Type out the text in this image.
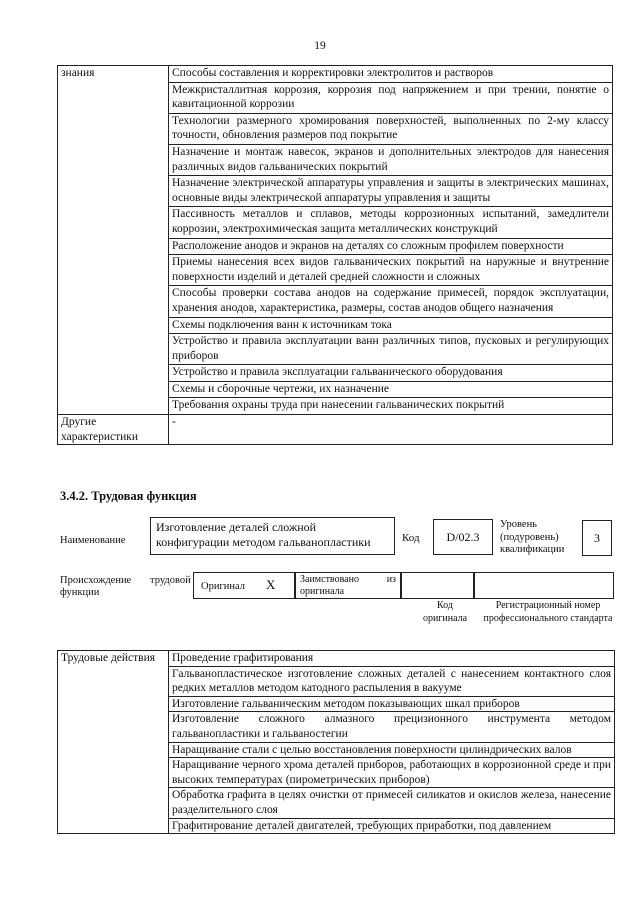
19
знания	Способы составления и корректировки электролитов и растворов
	Межкристаллитная коррозия, коррозия под напряжением и при трении, понятие о кавитационной коррозии
	Технологии размерного хромирования поверхностей, выполненных по 2-му классу точности, обновления размеров под покрытие
	Назначение и монтаж навесок, экранов и дополнительных электродов для нанесения различных видов гальванических покрытий
	Назначение электрической аппаратуры управления и защиты в электрических машинах, основные виды электрической аппаратуры управления и защиты
	Пассивность металлов и сплавов, методы коррозионных испытаний, замедлители коррозии, электрохимическая защита металлических конструкций
	Расположение анодов и экранов на деталях со сложным профилем поверхности
	Приемы нанесения всех видов гальванических покрытий на наружные и внутренние поверхности изделий и деталей средней сложности и сложных
	Способы проверки состава анодов на содержание примесей, порядок эксплуатации, хранения анодов, характеристика, размеры, состав анодов общего назначения
	Схемы подключения ванн к источникам тока
	Устройство и правила эксплуатации ванн различных типов, пусковых и регулирующих приборов
	Устройство и правила эксплуатации гальванического оборудования
	Схемы и сборочные чертежи, их назначение
	Требования охраны труда при нанесении гальванических покрытий
Другие характеристики	-
3.4.2. Трудовая функция
Наименование
Изготовление деталей сложной конфигурации методом гальванопластики	Код	D/02.3
Уровень (подуровень) квалификации
3
Происхождение трудовой
функции
Оригинал X	Заимствовано из оригинала
Код оригинала
Регистрационный номер профессионального стандарта
Трудовые действия	Проведение графитирования
Гальванопластическое изготовление сложных деталей с нанесением контактного слоя редких металлов методом катодного распыления в вакууме
Изготовление гальваническим методом показывающих шкал приборов
Изготовление сложного алмазного прецизионного инструмента методом гальванопластики и гальваностегии
Наращивание стали с целью восстановления поверхности цилиндрических валов
Наращивание черного хрома деталей приборов, работающих в коррозионной среде и при высоких температурах (пирометрических приборов)
Обработка графита в целях очистки от примесей силикатов и окислов железа, нанесение разделительного слоя
Графитирование деталей двигателей, требующих приработки, под давлением
